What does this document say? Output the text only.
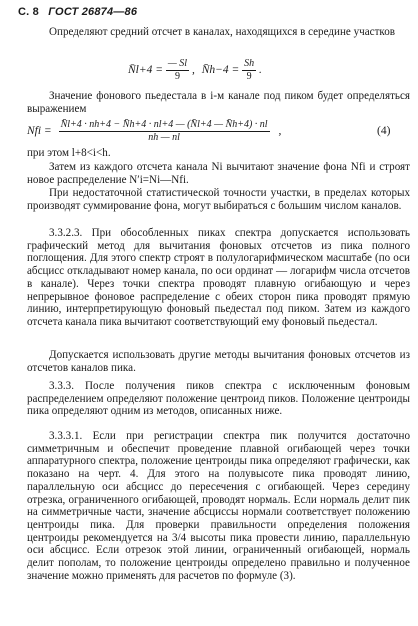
С. 8 ГОСТ 26874—86
Определяют средний отсчет в каналах, находящихся в середине участков
N̄l+4 = $\frac{— Sl}{9}$ , N̄h−4 = $\frac{Sh}{9}$ .
Значение фонового пьедестала в i-м канале под пиком будет определяться выражением
Nfi = $\frac{N̄l+4 \cdot nh+4 - N̄h+4 \cdot nl+4 — (N̄l+4 — N̄h+4) \cdot nl}{nh — nl}$ ,	(4)
при этом l+8<i<h.
Затем из каждого отсчета канала Ni вычитают значение фона Nfi и строят новое распределение N′i=Ni—Nfi.
При недостаточной статистической точности участки, в пределах которых производят суммирование фона, могут выбираться с большим числом каналов.
3.3.2.3. При обособленных пиках спектра допускается использовать графический метод для вычитания фоновых отсчетов из пика полного поглощения. Для этого спектр строят в полулогарифмическом масштабе (по оси абсцисс откладывают номер канала, по оси ординат — логарифм числа отсчетов в канале). Через точки спектра проводят плавную огибающую и через непрерывное фоновое распределение с обеих сторон пика проводят прямую линию, интерпретирующую фоновый пьедестал под пиком. Затем из каждого отсчета канала пика вычитают соответствующий ему фоновый пьедестал.
Допускается использовать другие методы вычитания фоновых отсчетов из отсчетов каналов пика.
3.3.3. После получения пиков спектра с исключенным фоновым распределением определяют положение центроид пиков. Положение центроиды пика определяют одним из методов, описанных ниже.
3.3.3.1. Если при регистрации спектра пик получится достаточно симметричным и обеспечит проведение плавной огибающей через точки аппаратурного спектра, положение центроиды пика определяют графически, как показано на черт. 4. Для этого на полувысоте пика проводят линию, параллельную оси абсцисс до пересечения с огибающей. Через середину отрезка, ограниченного огибающей, проводят нормаль. Если нормаль делит пик на симметричные части, значение абсциссы нормали соответствует положению центроиды пика. Для проверки правильности определения положения центроиды рекомендуется на 3/4 высоты пика провести линию, параллельную оси абсцисс. Если отрезок этой линии, ограниченный огибающей, нормаль делит пополам, то положение центроиды определено правильно и полученное значение можно применять для расчетов по формуле (3).
